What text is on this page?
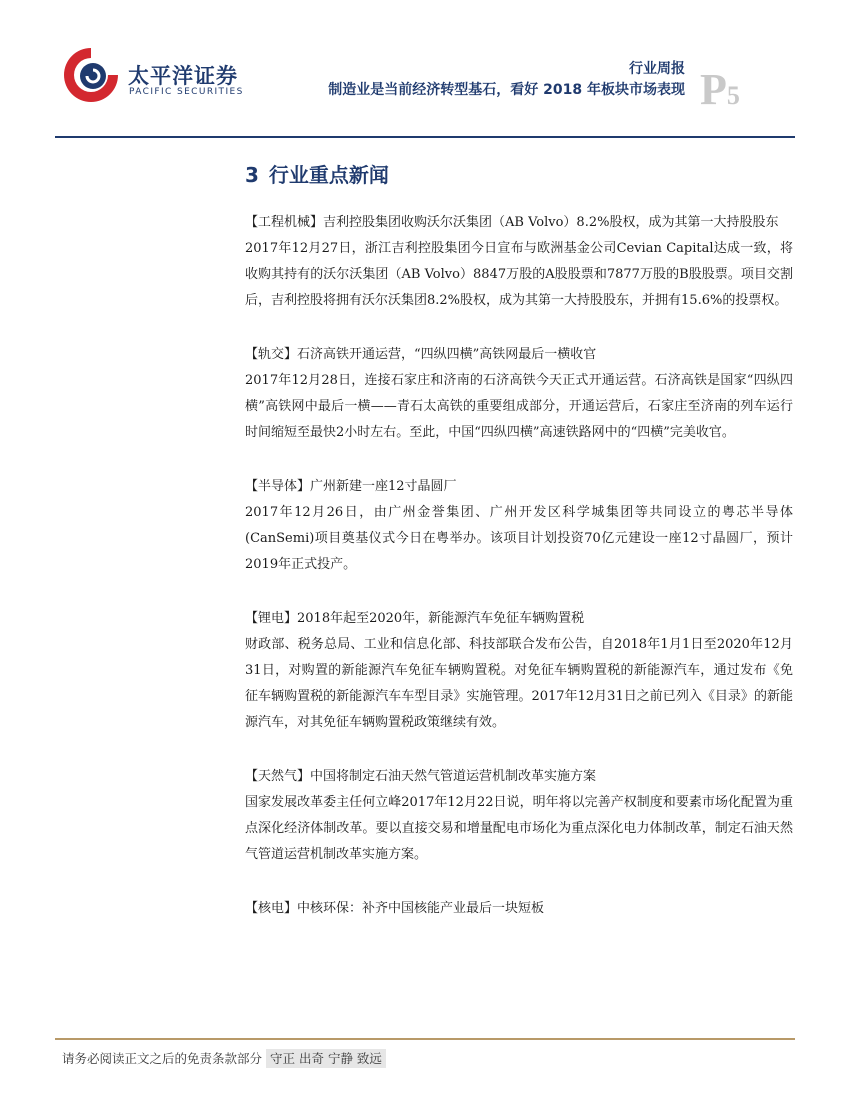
太平洋证券
PACIFIC SECURITIES
行业周报
制造业是当前经济转型基石，看好 2018 年板块市场表现 P5
3 行业重点新闻

【工程机械】吉利控股集团收购沃尔沃集团（AB Volvo）8.2%股权，成为其第一大持股股东

2017年12月27日，浙江吉利控股集团今日宣布与欧洲基金公司Cevian Capital达成一致，将收购其持有的沃尔沃集团（AB Volvo）8847万股的A股股票和7877万股的B股股票。项目交割后，吉利控股将拥有沃尔沃集团8.2%股权，成为其第一大持股股东，并拥有15.6%的投票权。

【轨交】石济高铁开通运营，“四纵四横”高铁网最后一横收官

2017年12月28日，连接石家庄和济南的石济高铁今天正式开通运营。石济高铁是国家“四纵四横”高铁网中最后一横——青石太高铁的重要组成部分，开通运营后，石家庄至济南的列车运行时间缩短至最快2小时左右。至此，中国“四纵四横”高速铁路网中的“四横”完美收官。

【半导体】广州新建一座12寸晶圆厂

2017年12月26日，由广州金誉集团、广州开发区科学城集团等共同设立的粤芯半导体(CanSemi)项目奠基仪式今日在粤举办。该项目计划投资70亿元建设一座12寸晶圆厂，预计2019年正式投产。

【锂电】2018年起至2020年，新能源汽车免征车辆购置税

财政部、税务总局、工业和信息化部、科技部联合发布公告，自2018年1月1日至2020年12月31日，对购置的新能源汽车免征车辆购置税。对免征车辆购置税的新能源汽车，通过发布《免征车辆购置税的新能源汽车车型目录》实施管理。2017年12月31日之前已列入《目录》的新能源汽车，对其免征车辆购置税政策继续有效。

【天然气】中国将制定石油天然气管道运营机制改革实施方案

国家发展改革委主任何立峰2017年12月22日说，明年将以完善产权制度和要素市场化配置为重点深化经济体制改革。要以直接交易和增量配电市场化为重点深化电力体制改革，制定石油天然气管道运营机制改革实施方案。

【核电】中核环保：补齐中国核能产业最后一块短板

请务必阅读正文之后的免责条款部分 守正 出奇 宁静 致远
